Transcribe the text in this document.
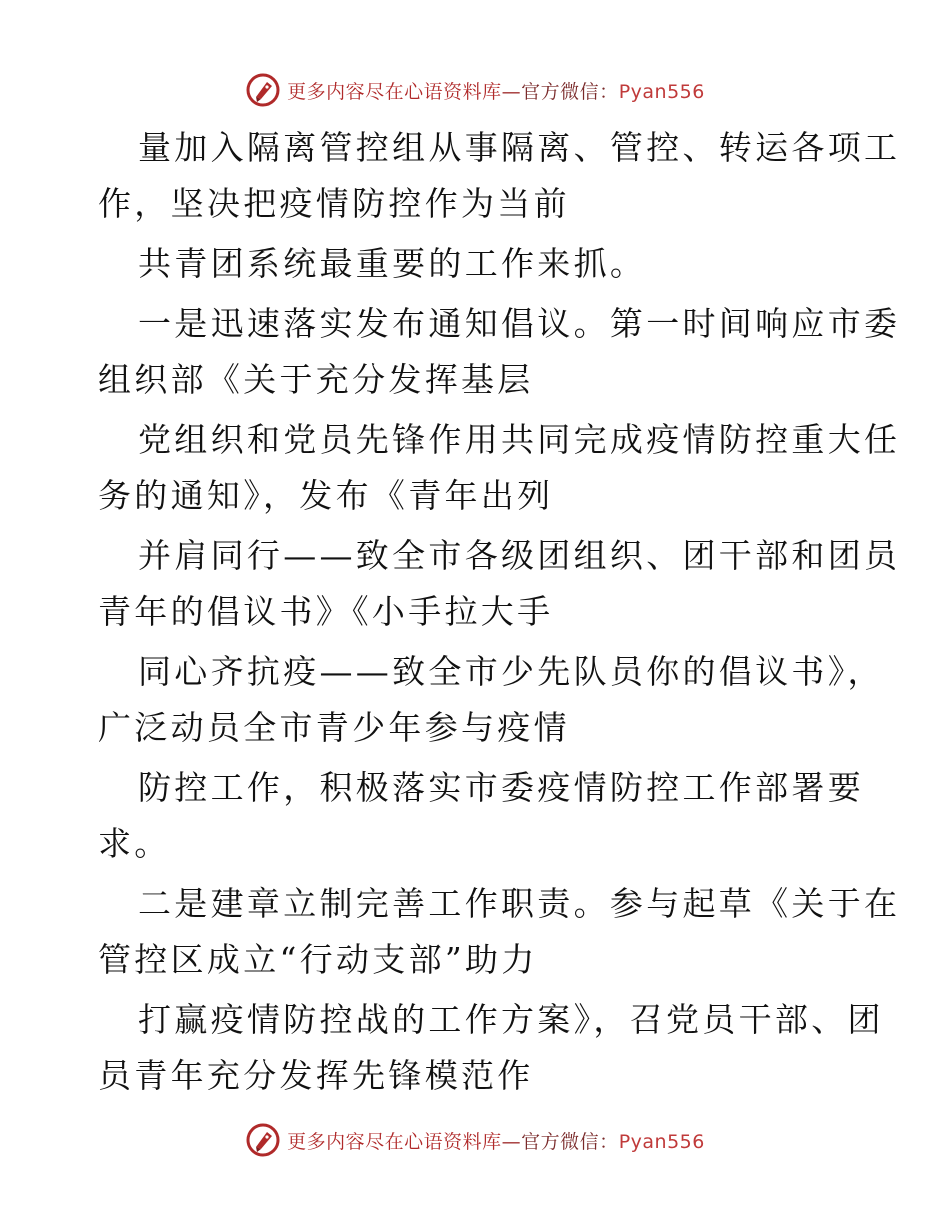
更多内容尽在心语资料库—官方微信：Pyan556
量加入隔离管控组从事隔离、管控、转运各项工
作，坚决把疫情防控作为当前
共青团系统最重要的工作来抓。
一是迅速落实发布通知倡议。第一时间响应市委
组织部《关于充分发挥基层
党组织和党员先锋作用共同完成疫情防控重大任
务的通知》，发布《青年出列
并肩同行——致全市各级团组织、团干部和团员
青年的倡议书》《小手拉大手
同心齐抗疫——致全市少先队员你的倡议书》，
广泛动员全市青少年参与疫情
防控工作，积极落实市委疫情防控工作部署要
求。
二是建章立制完善工作职责。参与起草《关于在
管控区成立“行动支部”助力
打赢疫情防控战的工作方案》，召党员干部、团
员青年充分发挥先锋模范作
更多内容尽在心语资料库—官方微信：Pyan556
